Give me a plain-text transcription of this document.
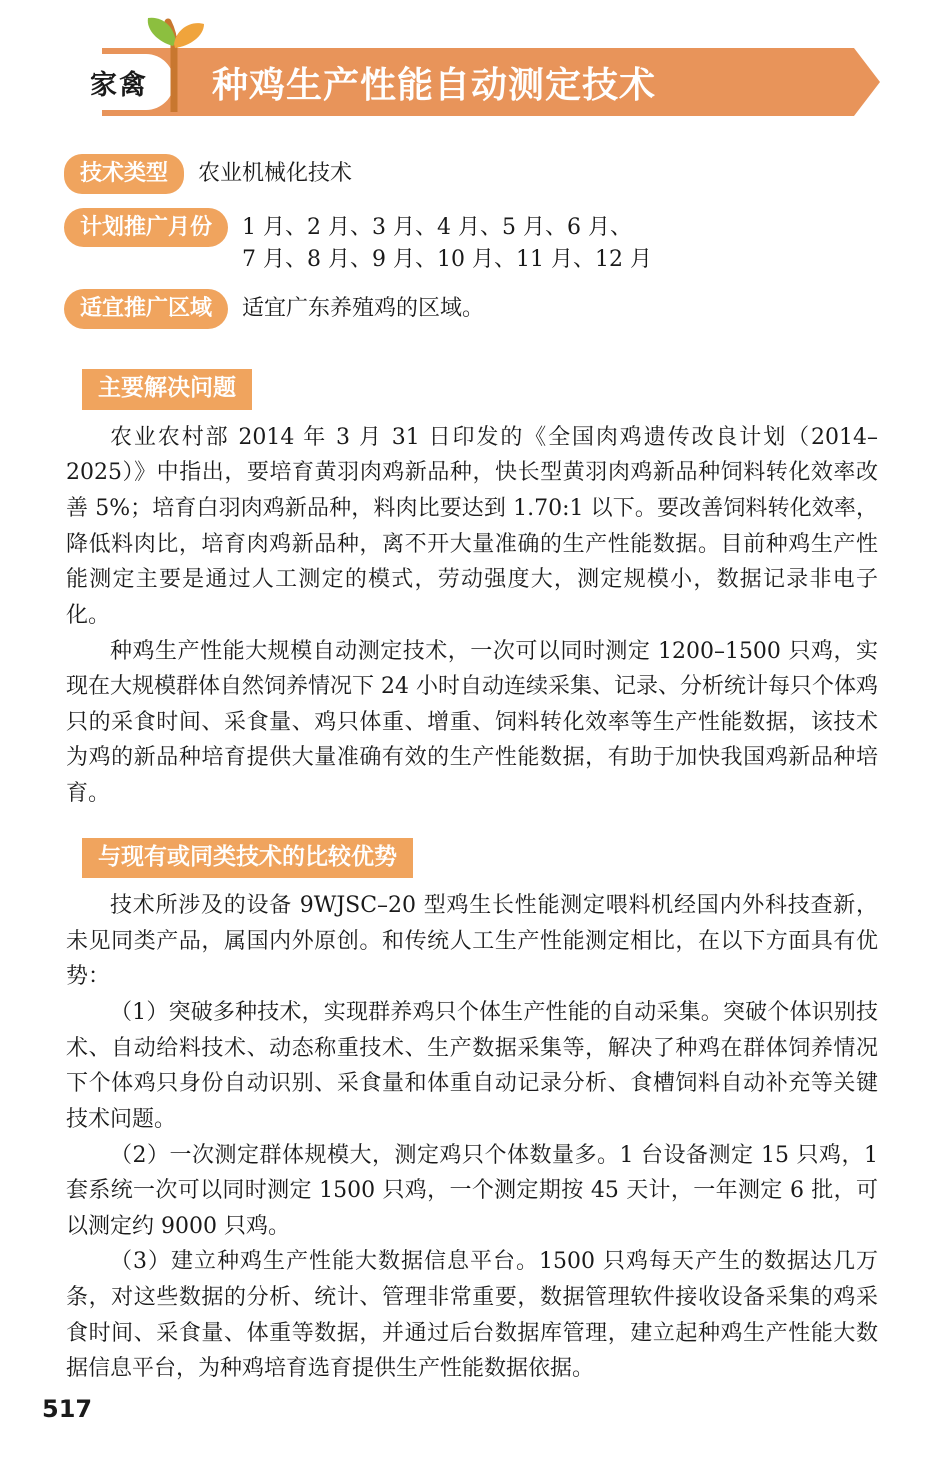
家禽 种鸡生产性能自动测定技术
技术类型	农业机械化技术
计划推广月份	1 月、2 月、3 月、4 月、5 月、6 月、
7 月、8 月、9 月、10 月、11 月、12 月
适宜推广区域	适宜广东养殖鸡的区域。
主要解决问题

农业农村部 2014 年 3 月 31 日印发的《全国肉鸡遗传改良计划（2014–2025）》中指出，要培育黄羽肉鸡新品种，快长型黄羽肉鸡新品种饲料转化效率改善 5%；培育白羽肉鸡新品种，料肉比要达到 1.70:1 以下。要改善饲料转化效率，降低料肉比，培育肉鸡新品种，离不开大量准确的生产性能数据。目前种鸡生产性能测定主要是通过人工测定的模式，劳动强度大，测定规模小，数据记录非电子化。

种鸡生产性能大规模自动测定技术，一次可以同时测定 1200–1500 只鸡，实现在大规模群体自然饲养情况下 24 小时自动连续采集、记录、分析统计每只个体鸡只的采食时间、采食量、鸡只体重、增重、饲料转化效率等生产性能数据，该技术为鸡的新品种培育提供大量准确有效的生产性能数据，有助于加快我国鸡新品种培育。

与现有或同类技术的比较优势

技术所涉及的设备 9WJSC–20 型鸡生长性能测定喂料机经国内外科技查新，未见同类产品，属国内外原创。和传统人工生产性能测定相比，在以下方面具有优势：

（1）突破多种技术，实现群养鸡只个体生产性能的自动采集。突破个体识别技术、自动给料技术、动态称重技术、生产数据采集等，解决了种鸡在群体饲养情况下个体鸡只身份自动识别、采食量和体重自动记录分析、食槽饲料自动补充等关键技术问题。

（2）一次测定群体规模大，测定鸡只个体数量多。1 台设备测定 15 只鸡，1 套系统一次可以同时测定 1500 只鸡，一个测定期按 45 天计，一年测定 6 批，可以测定约 9000 只鸡。

（3）建立种鸡生产性能大数据信息平台。1500 只鸡每天产生的数据达几万条，对这些数据的分析、统计、管理非常重要，数据管理软件接收设备采集的鸡采食时间、采食量、体重等数据，并通过后台数据库管理，建立起种鸡生产性能大数据信息平台，为种鸡培育选育提供生产性能数据依据。

517
